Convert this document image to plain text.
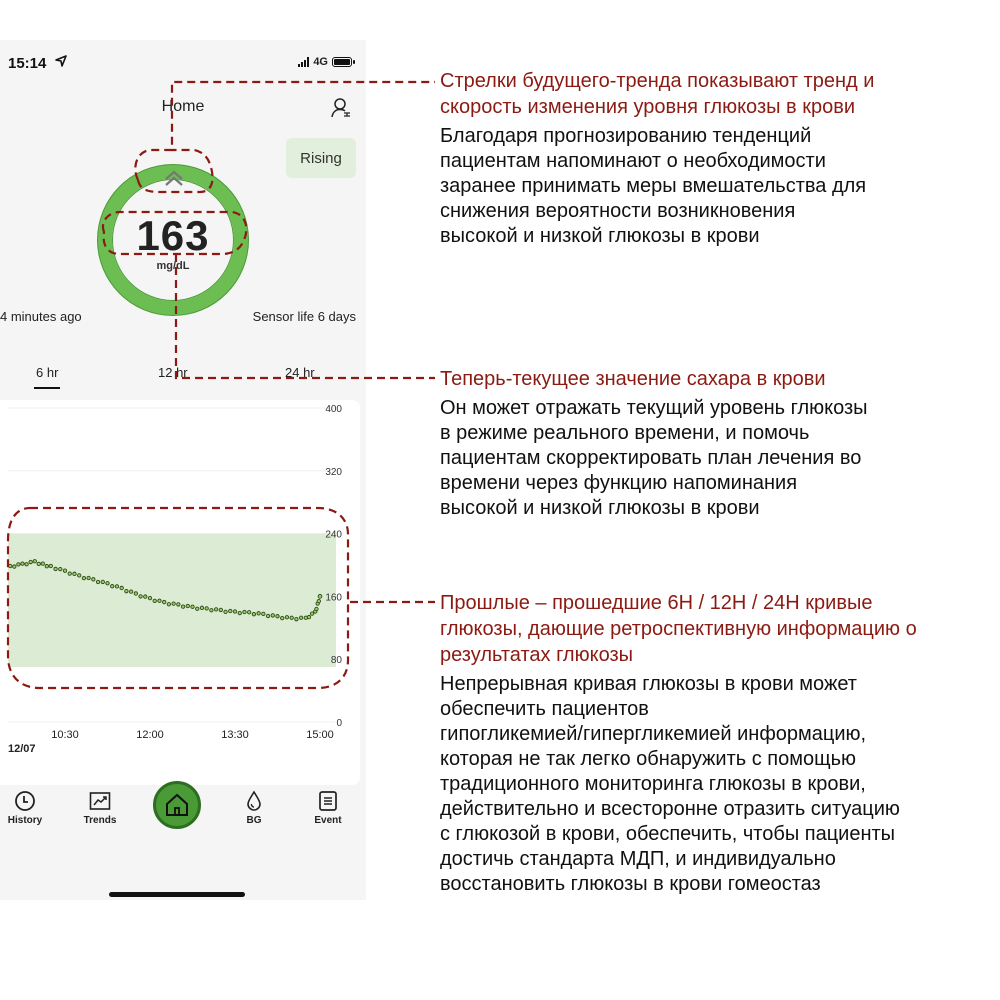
15:14	4G
Home
Rising
163
mg/dL
4 minutes ago	Sensor life 6 days
6 hr	12 hr	24 hr
0
80
160
240
320
400
10:30	12:00	13:30	15:00
12/07
History	Trends	BG	Event
Стрелки будущего-тренда показывают тренд и
скорость изменения уровня глюкозы в крови
Благодаря прогнозированию тенденций
пациентам напоминают о необходимости
заранее принимать меры вмешательства для
снижения вероятности возникновения
высокой и низкой глюкозы в крови
Теперь-текущее значение сахара в крови
Он может отражать текущий уровень глюкозы
в режиме реального времени, и помочь
пациентам скорректировать план лечения во
времени через функцию напоминания
высокой и низкой глюкозы в крови
Прошлые – прошедшие 6H / 12H / 24H кривые
глюкозы, дающие ретроспективную информацию о
результатах глюкозы
Непрерывная кривая глюкозы в крови может
обеспечить пациентов
гипогликемией/гипергликемией информацию,
которая не так легко обнаружить с помощью
традиционного мониторинга глюкозы в крови,
действительно и всесторонне отразить ситуацию
с глюкозой в крови, обеспечить, чтобы пациенты
достичь стандарта МДП, и индивидуально
восстановить глюкозы в крови гомеостаз
